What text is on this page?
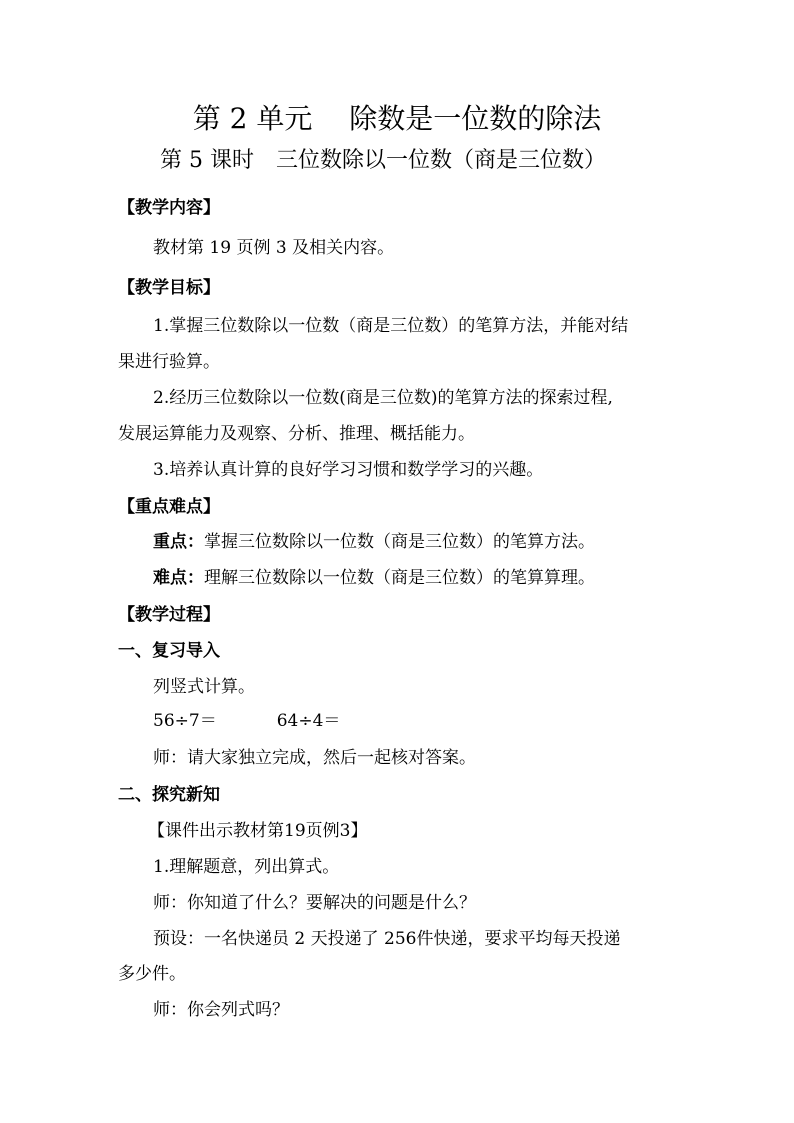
第 2 单元　 除数是一位数的除法
第 5 课时　三位数除以一位数（商是三位数）
【教学内容】
教材第 19 页例 3 及相关内容。
【教学目标】
1.掌握三位数除以一位数（商是三位数）的笔算方法，并能对结
果进行验算。
2.经历三位数除以一位数(商是三位数)的笔算方法的探索过程,
发展运算能力及观察、分析、推理、概括能力。
3.培养认真计算的良好学习习惯和数学学习的兴趣。
【重点难点】
重点：掌握三位数除以一位数（商是三位数）的笔算方法。
难点：理解三位数除以一位数（商是三位数）的笔算算理。
【教学过程】
一、复习导入
列竖式计算。
56÷7＝	64÷4＝
师：请大家独立完成，然后一起核对答案。
二、探究新知
【课件出示教材第19页例3】
1.理解题意，列出算式。
师：你知道了什么？要解决的问题是什么？
预设：一名快递员 2 天投递了 256件快递，要求平均每天投递
多少件。
师：你会列式吗？
